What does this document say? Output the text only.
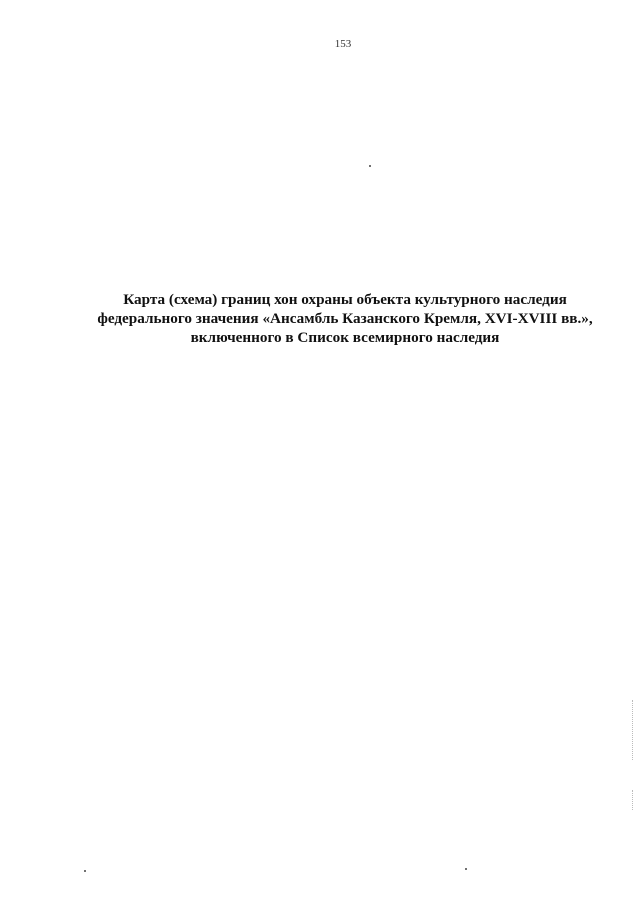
153
Карта (схема) границ хон охраны объекта культурного наследия
федерального значения «Ансамбль Казанского Кремля, XVI-XVIII вв.»,
включенного в Список всемирного наследия
